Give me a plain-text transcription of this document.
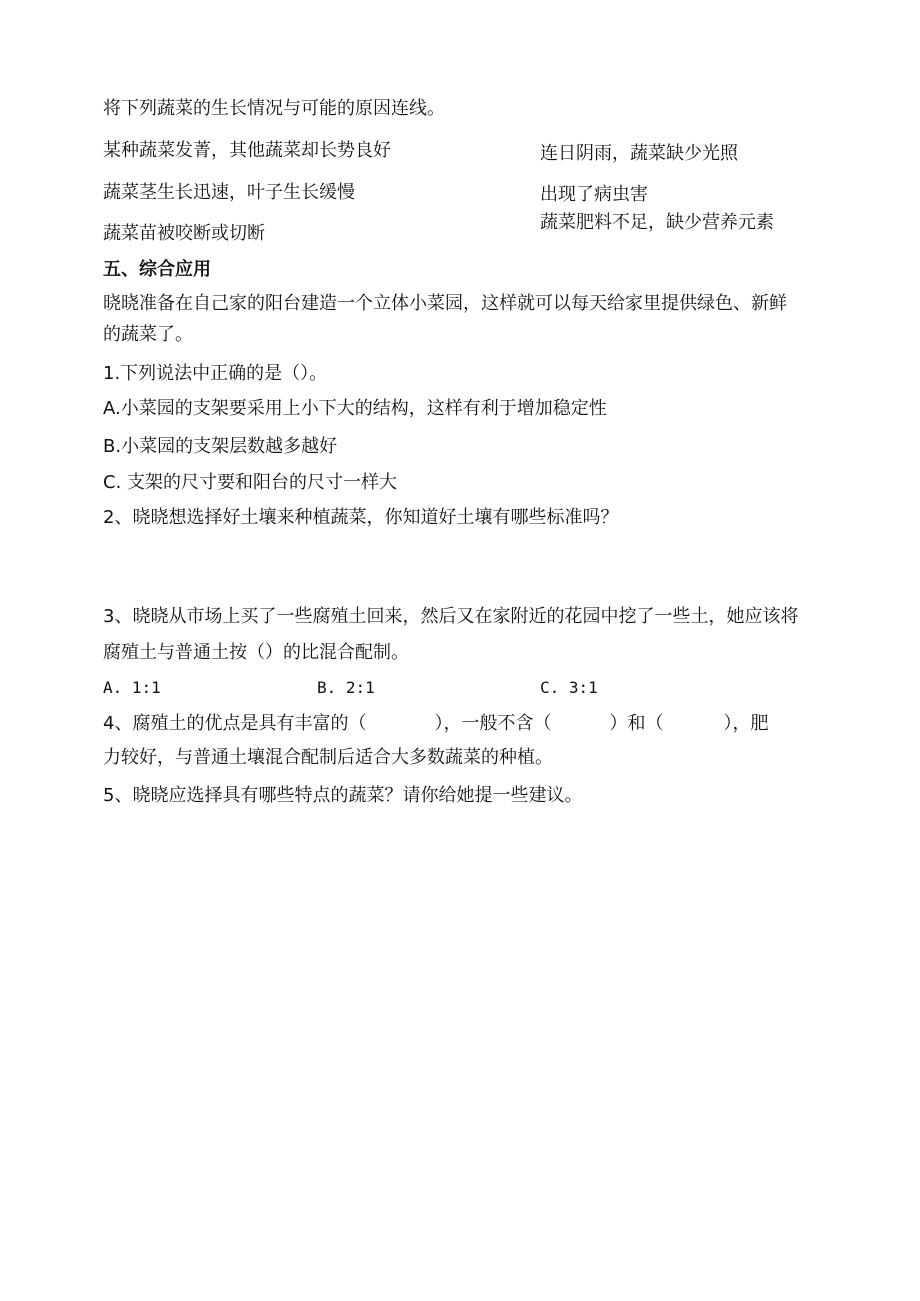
将下列蔬菜的生长情况与可能的原因连线。
某种蔬菜发菁，其他蔬菜却长势良好
蔬菜茎生长迅速，叶子生长缓慢
蔬菜苗被咬断或切断
连日阴雨，蔬菜缺少光照
出现了病虫害
蔬菜肥料不足，缺少营养元素
五、综合应用
晓晓准备在自己家的阳台建造一个立体小菜园，这样就可以每天给家里提供绿色、新鲜
的蔬菜了。
1.下列说法中正确的是（）。
A.小菜园的支架要采用上小下大的结构，这样有利于增加稳定性
B.小菜园的支架层数越多越好
C. 支架的尺寸要和阳台的尺寸一样大
2、晓晓想选择好土壤来种植蔬菜，你知道好土壤有哪些标准吗？
3、晓晓从市场上买了一些腐殖土回来，然后又在家附近的花园中挖了一些土，她应该将
腐殖土与普通土按（）的比混合配制。
A. 1:1	B. 2:1	C. 3:1
4、腐殖土的优点是具有丰富的（	），一般不含（	）和（	），肥
力较好，与普通土壤混合配制后适合大多数蔬菜的种植。
5、晓晓应选择具有哪些特点的蔬菜？请你给她提一些建议。
